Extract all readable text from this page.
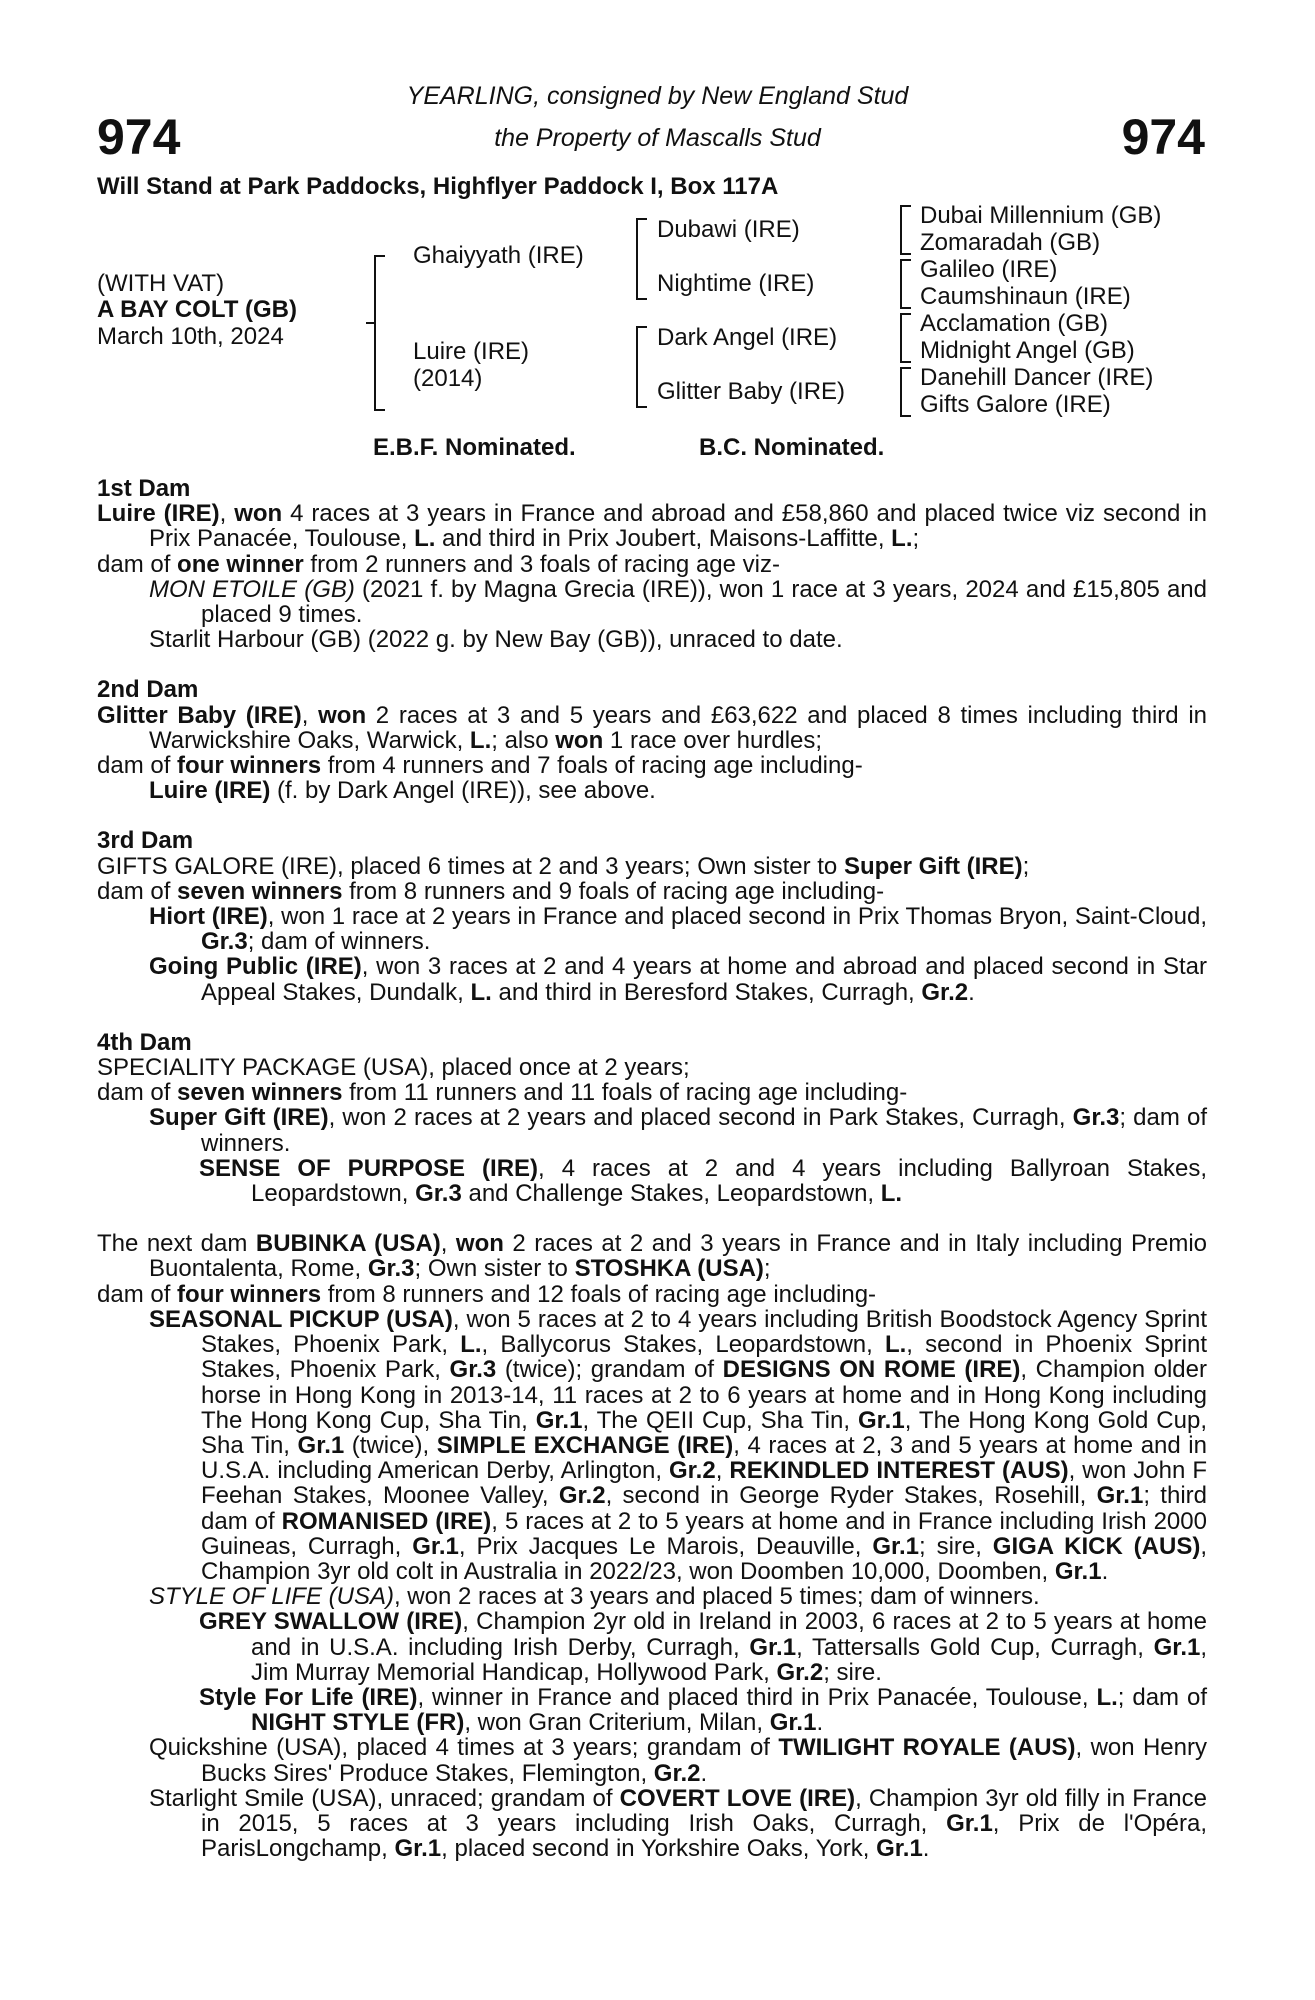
974	974
YEARLING, consigned by New England Stud
the Property of Mascalls Stud
Will Stand at Park Paddocks, Highflyer Paddock I, Box 117A
(WITH VAT)
A BAY COLT (GB)
March 10th, 2024
Ghaiyyath (IRE)
Luire (IRE)
(2014)
Dubawi (IRE)
Nightime (IRE)
Dark Angel (IRE)
Glitter Baby (IRE)
Dubai Millennium (GB)
Zomaradah (GB)
Galileo (IRE)
Caumshinaun (IRE)
Acclamation (GB)
Midnight Angel (GB)
Danehill Dancer (IRE)
Gifts Galore (IRE)
E.B.F. Nominated.	B.C. Nominated.
1st Dam
Luire (IRE), won 4 races at 3 years in France and abroad and £58,860 and placed twice viz second in Prix Panacée, Toulouse, L. and third in Prix Joubert, Maisons-Laffitte, L.;
dam of one winner from 2 runners and 3 foals of racing age viz-
MON ETOILE (GB) (2021 f. by Magna Grecia (IRE)), won 1 race at 3 years, 2024 and £15,805 and placed 9 times.
Starlit Harbour (GB) (2022 g. by New Bay (GB)), unraced to date.
2nd Dam
Glitter Baby (IRE), won 2 races at 3 and 5 years and £63,622 and placed 8 times including third in Warwickshire Oaks, Warwick, L.; also won 1 race over hurdles;
dam of four winners from 4 runners and 7 foals of racing age including-
Luire (IRE) (f. by Dark Angel (IRE)), see above.
3rd Dam
GIFTS GALORE (IRE), placed 6 times at 2 and 3 years; Own sister to Super Gift (IRE);
dam of seven winners from 8 runners and 9 foals of racing age including-
Hiort (IRE), won 1 race at 2 years in France and placed second in Prix Thomas Bryon, Saint-Cloud, Gr.3; dam of winners.
Going Public (IRE), won 3 races at 2 and 4 years at home and abroad and placed second in Star Appeal Stakes, Dundalk, L. and third in Beresford Stakes, Curragh, Gr.2.
4th Dam
SPECIALITY PACKAGE (USA), placed once at 2 years;
dam of seven winners from 11 runners and 11 foals of racing age including-
Super Gift (IRE), won 2 races at 2 years and placed second in Park Stakes, Curragh, Gr.3; dam of winners.
SENSE OF PURPOSE (IRE), 4 races at 2 and 4 years including Ballyroan Stakes, Leopardstown, Gr.3 and Challenge Stakes, Leopardstown, L.
The next dam BUBINKA (USA), won 2 races at 2 and 3 years in France and in Italy including Premio Buontalenta, Rome, Gr.3; Own sister to STOSHKA (USA);
dam of four winners from 8 runners and 12 foals of racing age including-
SEASONAL PICKUP (USA), won 5 races at 2 to 4 years including British Boodstock Agency Sprint Stakes, Phoenix Park, L., Ballycorus Stakes, Leopardstown, L., second in Phoenix Sprint Stakes, Phoenix Park, Gr.3 (twice); grandam of DESIGNS ON ROME (IRE), Champion older horse in Hong Kong in 2013-14, 11 races at 2 to 6 years at home and in Hong Kong including The Hong Kong Cup, Sha Tin, Gr.1, The QEII Cup, Sha Tin, Gr.1, The Hong Kong Gold Cup, Sha Tin, Gr.1 (twice), SIMPLE EXCHANGE (IRE), 4 races at 2, 3 and 5 years at home and in U.S.A. including American Derby, Arlington, Gr.2, REKINDLED INTEREST (AUS), won John F Feehan Stakes, Moonee Valley, Gr.2, second in George Ryder Stakes, Rosehill, Gr.1; third dam of ROMANISED (IRE), 5 races at 2 to 5 years at home and in France including Irish 2000 Guineas, Curragh, Gr.1, Prix Jacques Le Marois, Deauville, Gr.1; sire, GIGA KICK (AUS), Champion 3yr old colt in Australia in 2022/23, won Doomben 10,000, Doomben, Gr.1.
STYLE OF LIFE (USA), won 2 races at 3 years and placed 5 times; dam of winners.
GREY SWALLOW (IRE), Champion 2yr old in Ireland in 2003, 6 races at 2 to 5 years at home and in U.S.A. including Irish Derby, Curragh, Gr.1, Tattersalls Gold Cup, Curragh, Gr.1, Jim Murray Memorial Handicap, Hollywood Park, Gr.2; sire.
Style For Life (IRE), winner in France and placed third in Prix Panacée, Toulouse, L.; dam of NIGHT STYLE (FR), won Gran Criterium, Milan, Gr.1.
Quickshine (USA), placed 4 times at 3 years; grandam of TWILIGHT ROYALE (AUS), won Henry Bucks Sires' Produce Stakes, Flemington, Gr.2.
Starlight Smile (USA), unraced; grandam of COVERT LOVE (IRE), Champion 3yr old filly in France in 2015, 5 races at 3 years including Irish Oaks, Curragh, Gr.1, Prix de l'Opéra, ParisLongchamp, Gr.1, placed second in Yorkshire Oaks, York, Gr.1.
